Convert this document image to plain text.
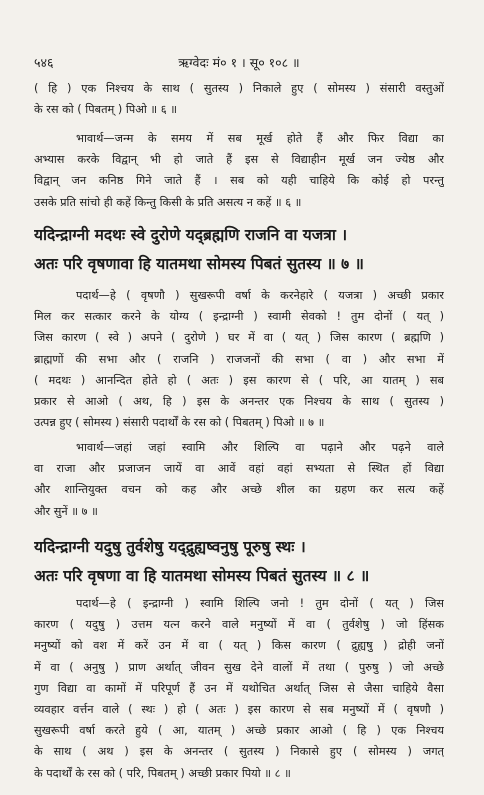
५४६	ऋग्वेदः मं० १ । सू० १०८ ॥
( हि ) एक निश्चय के साथ ( सुतस्य ) निकाले हुए ( सोमस्य ) संसारी वस्तुओं
के रस को ( पिबतम् ) पिओ ॥ ६ ॥
भावार्थ—जन्म के समय में सब मूर्ख होते हैं और फिर विद्या का
अभ्यास करके विद्वान् भी हो जाते हैं इस से विद्याहीन मूर्ख जन ज्येष्ठ और
विद्वान् जन कनिष्ठ गिने जाते हैं । सब को यही चाहिये कि कोई हो परन्तु
उसके प्रति सांचो ही कहें किन्तु किसी के प्रति असत्य न कहें ॥ ६ ॥
यदिन्द्राग्नी मदथः स्वे दुरोणे यद्ब्रह्मणि राजनि वा यजत्रा ।
अतः परि वृषणावा हि यातमथा सोमस्य पिबतं सुतस्य ॥ ७ ॥
पदार्थ—हे ( वृषणौ ) सुखरूपी वर्षा के करनेहारे ( यजत्रा ) अच्छी प्रकार
मिल कर सत्कार करने के योग्य ( इन्द्राग्नी ) स्वामी सेवको ! तुम दोनों ( यत् )
जिस कारण ( स्वे ) अपने ( दुरोणे ) घर में वा ( यत् ) जिस कारण ( ब्रह्मणि )
ब्राह्मणों की सभा और ( राजनि ) राजजनों की सभा ( वा ) और सभा में
( मदथः ) आनन्दित होते हो ( अतः ) इस कारण से ( परि, आ यातम् ) सब
प्रकार से आओ ( अथ, हि ) इस के अनन्तर एक निश्चय के साथ ( सुतस्य )
उत्पन्न हुए ( सोमस्य ) संसारी पदार्थों के रस को ( पिबतम् ) पिओ ॥ ७ ॥
भावार्थ—जहां जहां स्वामि और शिल्पि वा पढ़ाने और पढ़ने वाले
वा राजा और प्रजाजन जायें वा आवें वहां वहां सभ्यता से स्थित हों विद्या
और शान्तियुक्त वचन को कह और अच्छे शील का ग्रहण कर सत्य कहें
और सुनें ॥ ७ ॥
यदिन्द्राग्नी यदुषु तुर्वशेषु यद्द्रुह्यष्वनुषु पूरुषु स्थः ।
अतः परि वृषणा वा हि यातमथा सोमस्य पिबतं सुतस्य ॥ ८ ॥
पदार्थ—हे ( इन्द्राग्नी ) स्वामि शिल्पि जनो ! तुम दोनों ( यत् ) जिस
कारण ( यदुषु ) उत्तम यत्न करने वाले मनुष्यों में वा ( तुर्वशेषु ) जो हिंसक
मनुष्यों को वश में करें उन में वा ( यत् ) किस कारण ( द्रुह्यषु ) द्रोही जनों
में वा ( अनुषु ) प्राण अर्थात् जीवन सुख देने वालों में तथा ( पुरुषु ) जो अच्छे
गुण विद्या वा कामों में परिपूर्ण हैं उन में यथोचित अर्थात् जिस से जैसा चाहिये वैसा
व्यवहार वर्त्तन वाले ( स्थः ) हो ( अतः ) इस कारण से सब मनुष्यों में ( वृषणौ )
सुखरूपी वर्षा करते हुये ( आ, यातम् ) अच्छे प्रकार आओ ( हि ) एक निश्चय
के साथ ( अथ ) इस के अनन्तर ( सुतस्य ) निकासे हुए ( सोमस्य ) जगत्
के पदार्थों के रस को ( परि, पिबतम् ) अच्छी प्रकार पियो ॥ ८ ॥
